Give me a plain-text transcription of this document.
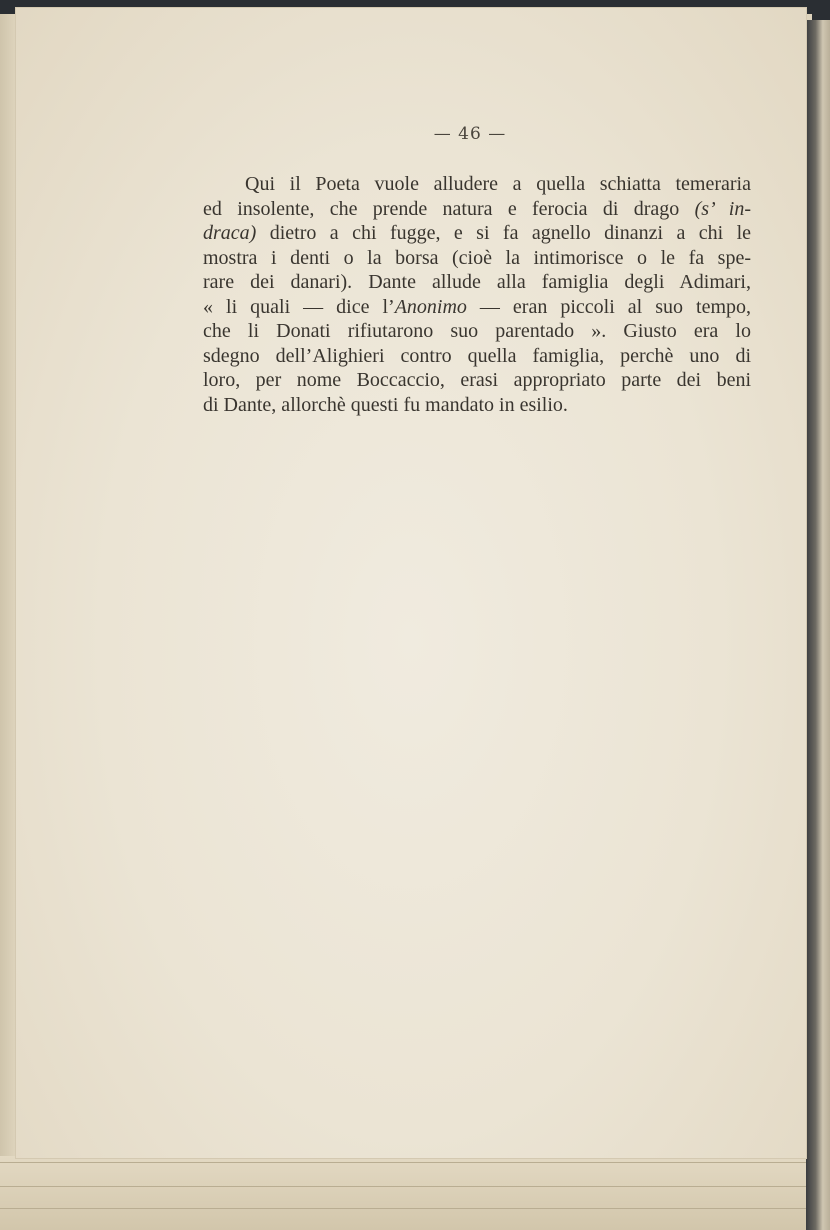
— 46 —
Qui il Poeta vuole alludere a quella schiatta temeraria
ed insolente, che prende natura e ferocia di drago (s’ in-
draca) dietro a chi fugge, e si fa agnello dinanzi a chi le
mostra i denti o la borsa (cioè la intimorisce o le fa spe-
rare dei danari). Dante allude alla famiglia degli Adimari,
« li quali — dice l’Anonimo — eran piccoli al suo tempo,
che li Donati rifiutarono suo parentado ». Giusto era lo
sdegno dell’Alighieri contro quella famiglia, perchè uno di
loro, per nome Boccaccio, erasi appropriato parte dei beni
di Dante, allorchè questi fu mandato in esilio.
